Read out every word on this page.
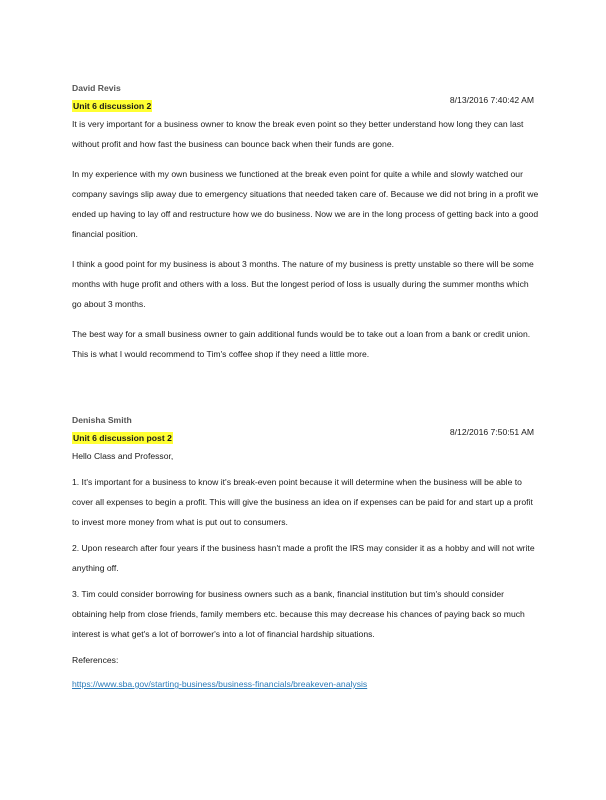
David Revis
8/13/2016 7:40:42 AM
Unit 6 discussion 2

It is very important for a business owner to know the break even point so they better understand how long they can last without profit and how fast the business can bounce back when their funds are gone.

In my experience with my own business we functioned at the break even point for quite a while and slowly watched our company savings slip away due to emergency situations that needed taken care of. Because we did not bring in a profit we ended up having to lay off and restructure how we do business. Now we are in the long process of getting back into a good financial position.

I think a good point for my business is about 3 months. The nature of my business is pretty unstable so there will be some months with huge profit and others with a loss. But the longest period of loss is usually during the summer months which go about 3 months.

The best way for a small business owner to gain additional funds would be to take out a loan from a bank or credit union. This is what I would recommend to Tim's coffee shop if they need a little more.

Denisha Smith
8/12/2016 7:50:51 AM
Unit 6 discussion post 2

Hello Class and Professor,

1. It's important for a business to know it's break-even point because it will determine when the business will be able to cover all expenses to begin a profit. This will give the business an idea on if expenses can be paid for and start up a profit to invest more money from what is put out to consumers.

2. Upon research after four years if the business hasn't made a profit the IRS may consider it as a hobby and will not write anything off.

3. Tim could consider borrowing for business owners such as a bank, financial institution but tim's should consider obtaining help from close friends, family members etc. because this may decrease his chances of paying back so much interest is what get's a lot of borrower's into a lot of financial hardship situations.

References:

https://www.sba.gov/starting-business/business-financials/breakeven-analysis
